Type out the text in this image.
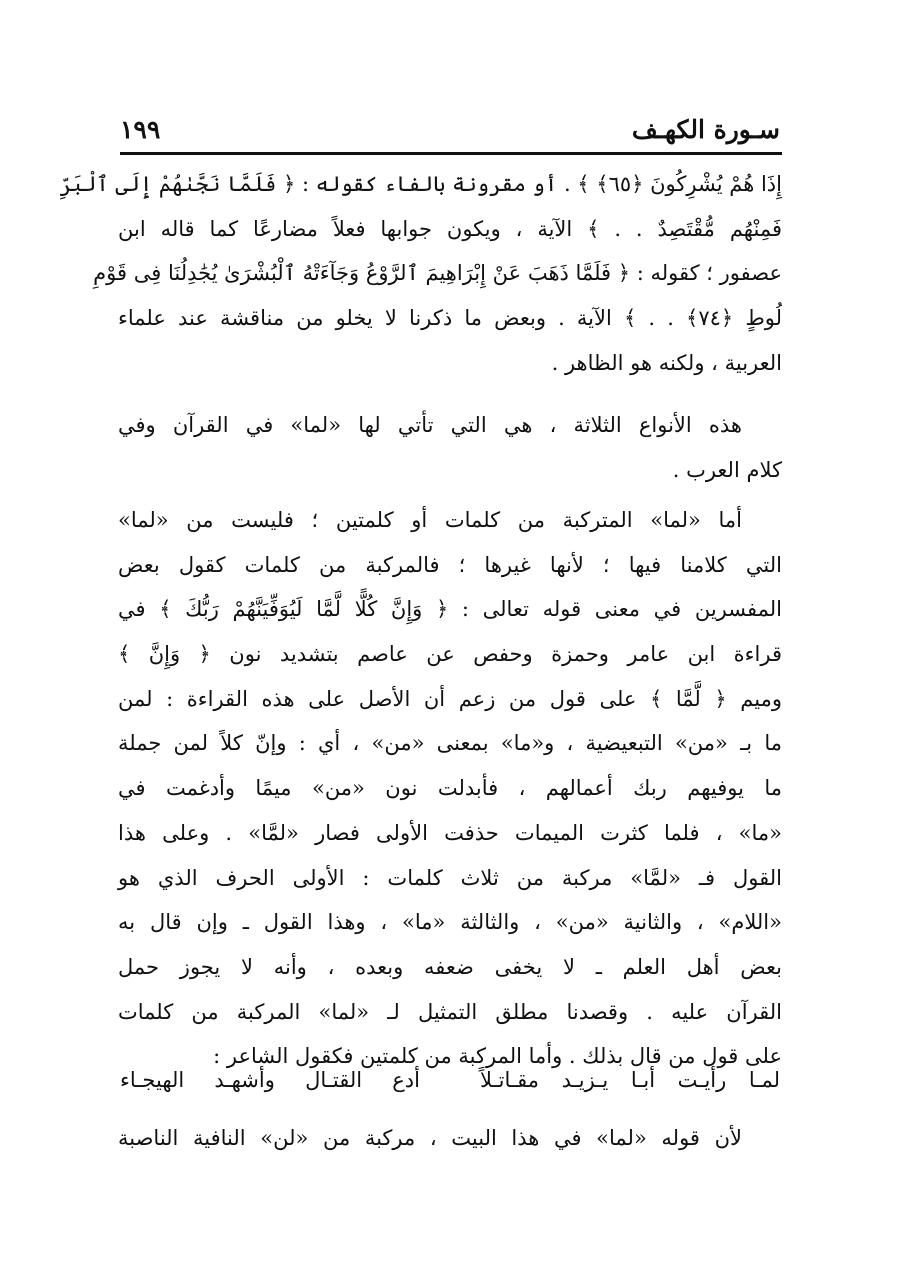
سـورة الكهـف
١٩٩
إِذَا هُمْ يُشْرِكُونَ ﴿٦٥﴾ ﴾ . أو مقرونة بالفاء كقوله : ﴿ فَلَمَّا نَجَّىٰهُمْ إِلَى ٱلْبَرِّ
فَمِنْهُم مُّقْتَصِدٌ . . ﴾ الآية ، ويكون جوابها فعلاً مضارعًا كما قاله ابن
عصفور ؛ كقوله : ﴿ فَلَمَّا ذَهَبَ عَنْ إِبْرَاهِيمَ ٱلرَّوْعُ وَجَآءَتْهُ ٱلْبُشْرَىٰ يُجَٰدِلُنَا فِى قَوْمِ
لُوطٍ ﴿٧٤﴾ . . ﴾ الآية . وبعض ما ذكرنا لا يخلو من مناقشة عند علماء
العربية ، ولكنه هو الظاهر .
هذه الأنواع الثلاثة ، هي التي تأتي لها «لما» في القرآن وفي
كلام العرب .
أما «لما» المتركبة من كلمات أو كلمتين ؛ فليست من «لما»
التي كلامنا فيها ؛ لأنها غيرها ؛ فالمركبة من كلمات كقول بعض
المفسرين في معنى قوله تعالى : ﴿ وَإِنَّ كُلًّا لَّمَّا لَيُوَفِّيَنَّهُمْ رَبُّكَ ﴾ في
قراءة ابن عامر وحمزة وحفص عن عاصم بتشديد نون ﴿ وَإِنَّ ﴾
وميم ﴿ لَّمَّا ﴾ على قول من زعم أن الأصل على هذه القراءة : لمن
ما بـ «من» التبعيضية ، و«ما» بمعنى «من» ، أي : وإنّ كلاً لمن جملة
ما يوفيهم ربك أعمالهم ، فأبدلت نون «من» ميمًا وأدغمت في
«ما» ، فلما كثرت الميمات حذفت الأولى فصار «لمَّا» . وعلى هذا
القول فـ «لمَّا» مركبة من ثلاث كلمات : الأولى الحرف الذي هو
«اللام» ، والثانية «من» ، والثالثة «ما» ، وهذا القول ـ وإن قال به
بعض أهل العلم ـ لا يخفى ضعفه وبعده ، وأنه لا يجوز حمل
القرآن عليه . وقصدنا مطلق التمثيل لـ «لما» المركبة من كلمات
على قول من قال بذلك . وأما المركبة من كلمتين فكقول الشاعر :
لمـا رأيـت أبـا يـزيـد مقـاتـلاً
أدع القتـال وأشهـد الهيجـاء
لأن قوله «لما» في هذا البيت ، مركبة من «لن» النافية الناصبة
